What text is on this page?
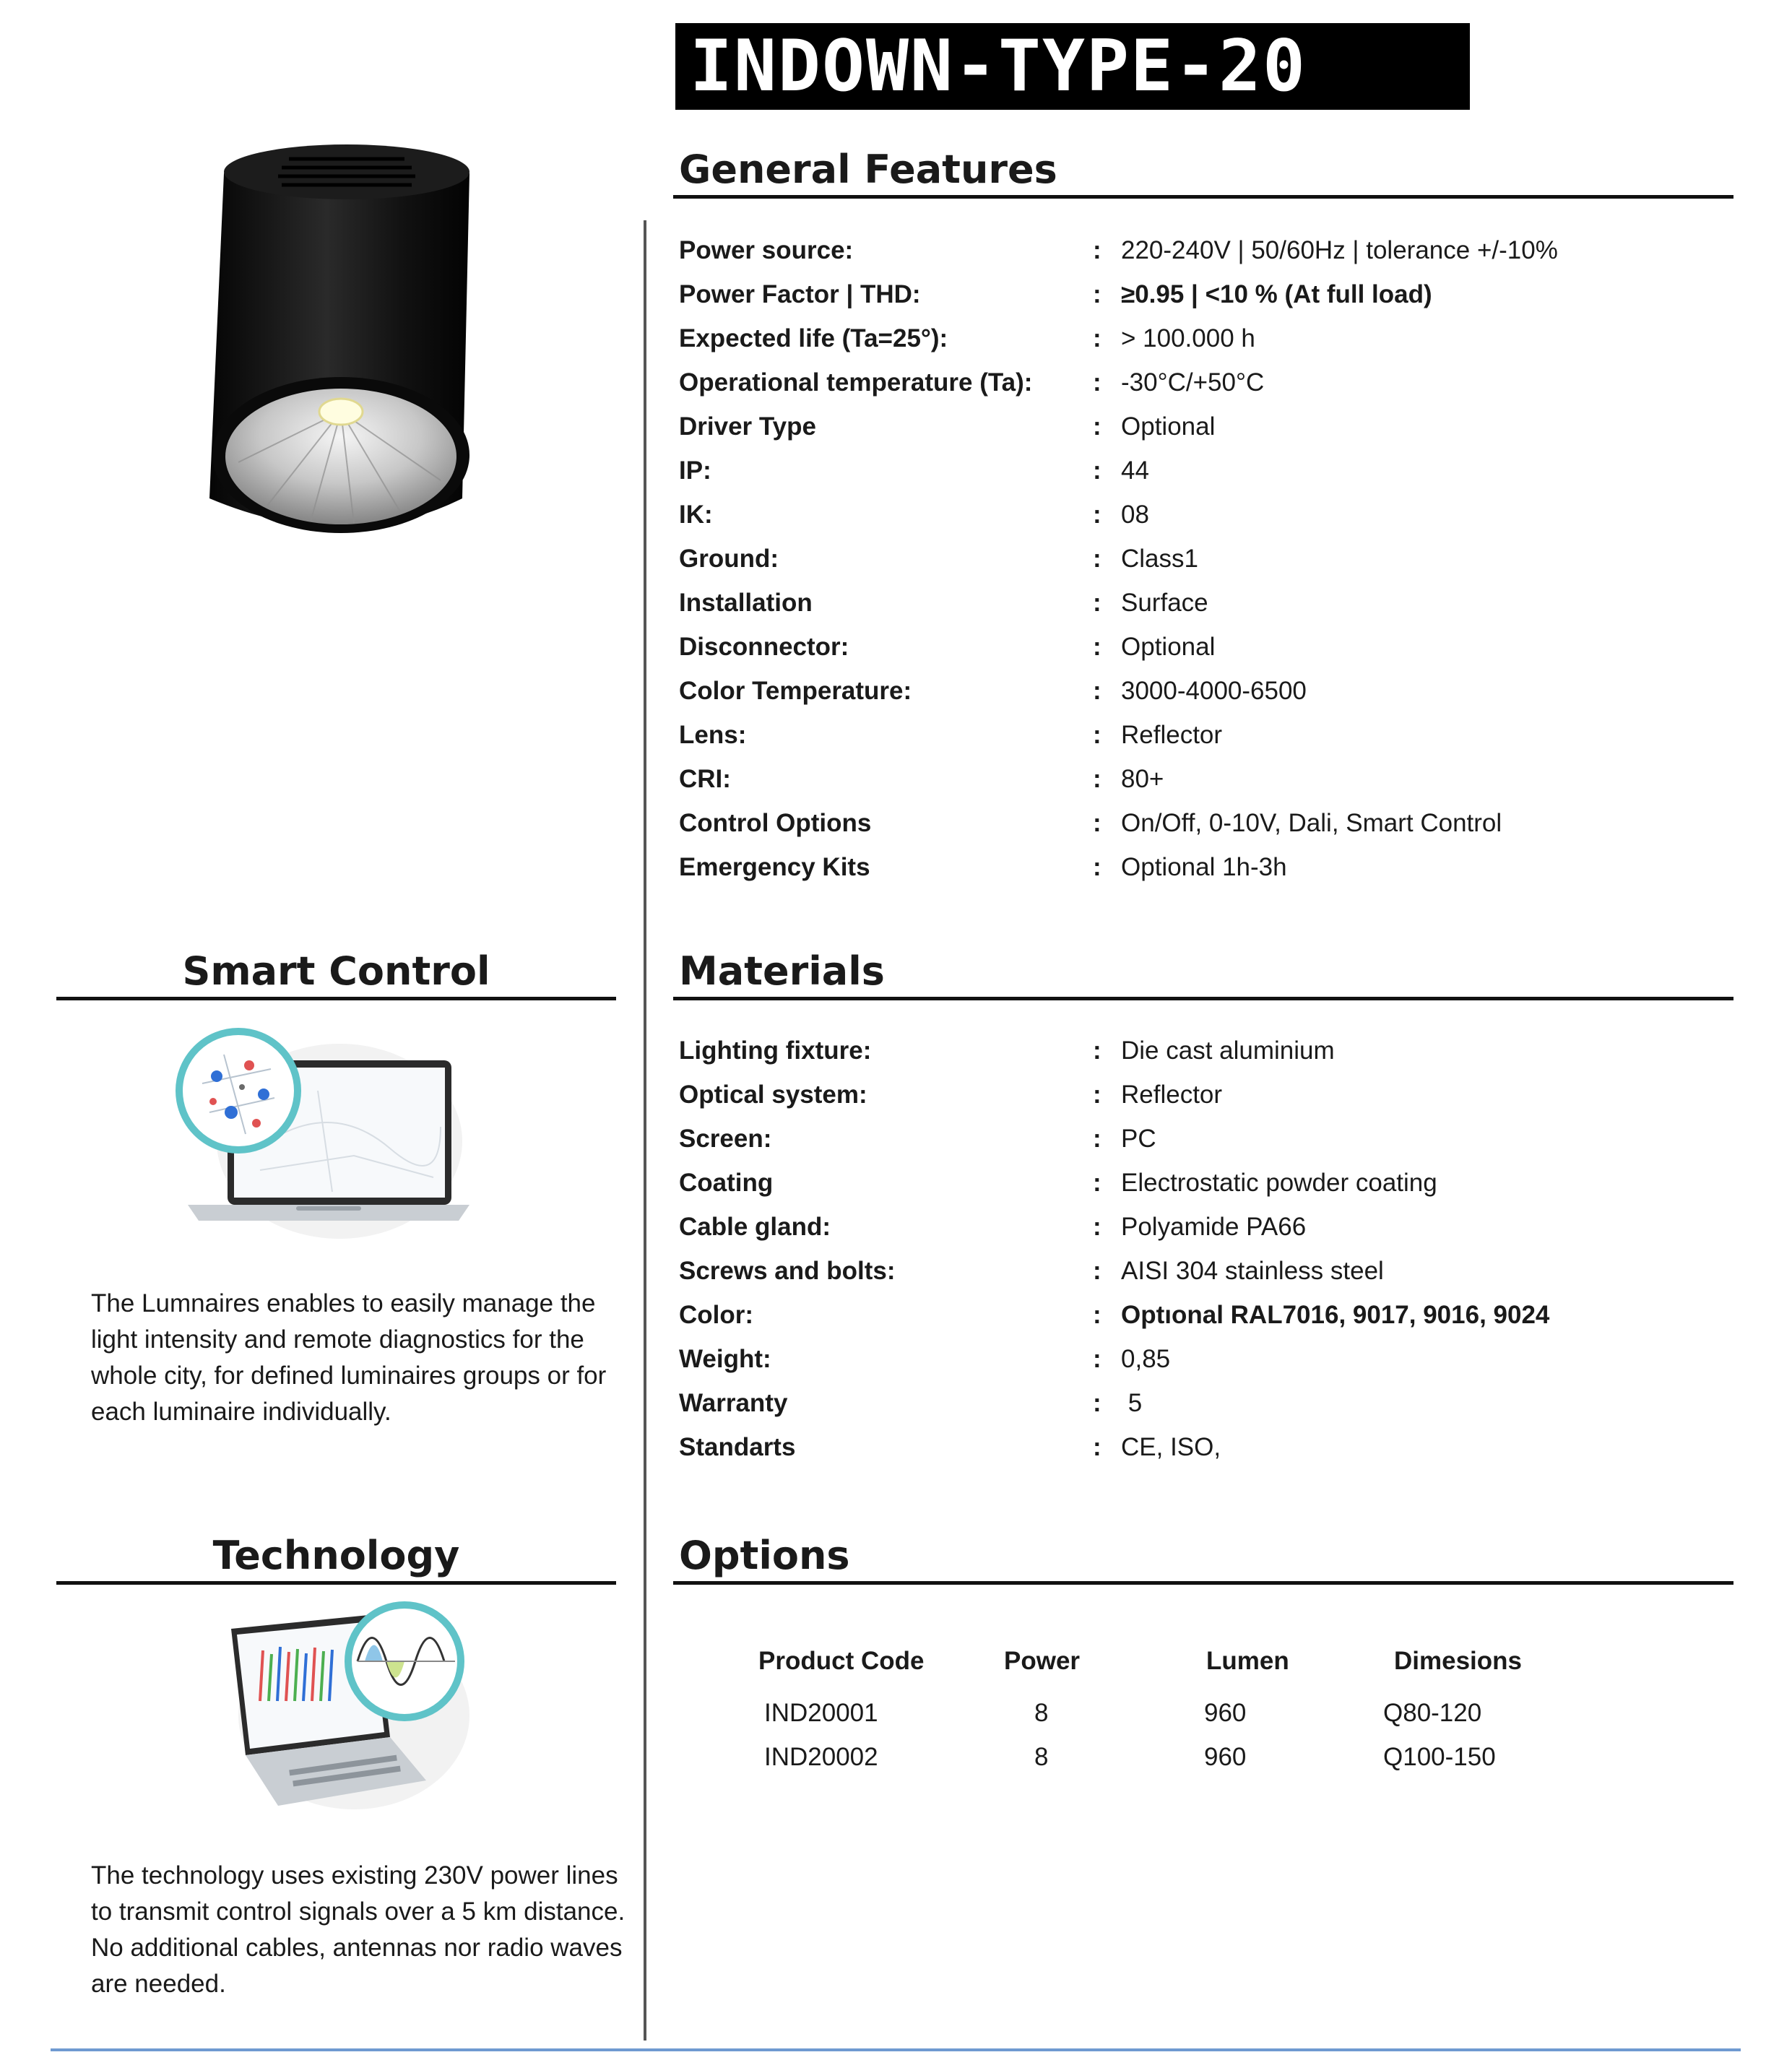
INDOWN-TYPE-20
General Features
Power source:	: 220-240V | 50/60Hz | tolerance +/-10%
Power Factor | THD:	: ≥0.95 | <10 % (At full load)
Expected life (Ta=25°):	: > 100.000 h
Operational temperature (Ta): : -30°C/+50°C
Driver Type	: Optional
IP:	: 44
IK:	: 08
Ground:	: Class1
Installation	: Surface
Disconnector:	: Optional
Color Temperature:	: 3000-4000-6500
Lens:	: Reflector
CRI:	: 80+
Control Options	: On/Off, 0-10V, Dali, Smart Control
Emergency Kits	: Optional 1h-3h
Materials
Lighting fixture:	: Die cast aluminium
Optical system:	: Reflector
Screen:	: PC
Coating	: Electrostatic powder coating
Cable gland:	: Polyamide PA66
Screws and bolts:	: AISI 304 stainless steel
Color:	: Optıonal RAL7016, 9017, 9016, 9024
Weight:	: 0,85
Warranty	: 5
Standarts	: CE, ISO,
Options
Product Code	Power	Lumen	Dimesions
IND20001	8	960	Q80-120
IND20002	8	960	Q100-150
Smart Control
The Lumnaires enables to easily manage the light intensity and remote diagnostics for the whole city, for defined luminaires groups or for each luminaire individually.
Technology
The technology uses existing 230V power lines to transmit control signals over a 5 km distance. No additional cables, antennas nor radio waves are needed.
